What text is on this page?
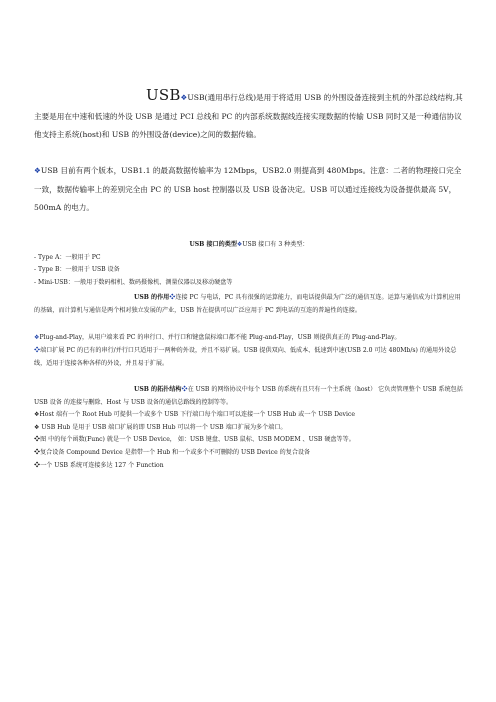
USB❖USB(通用串行总线)是用于将适用 USB 的外围设备连接到主机的外部总线结构,其主要是用在中速和低速的外设 USB 是通过 PCI 总线和 PC 的内部系统数据线连接实现数据的传输 USB 同时又是一种通信协议他支持主系统(host)和 USB 的外围设备(device)之间的数据传输。
❖USB 目前有两个版本，USB1.1 的最高数据传输率为 12Mbps，USB2.0 则提高到 480Mbps。注意：二者的物理接口完全一致，数据传输率上的差别完全由 PC 的 USB host 控制器以及 USB 设备决定。USB 可以通过连接线为设备提供最高 5V，500mA 的电力。
USB 接口的类型❖USB 接口有 3 种类型：
- Type A：一般用于 PC
- Type B：一般用于 USB 设备
- Mini-USB：一般用于数码相机、数码摄像机、测量仪器以及移动硬盘等
USB 的作用❖连接 PC 与电话，PC 具有很强的运算能力，而电话提供最为广泛的通信互连。运算与通信成为计算机应用的基础，而计算机与通信是两个相对独立发展的产业，USB 旨在提供可以广泛应用于 PC 到电话的互连的普遍性的连接。
❖Plug-and-Play，从用户端来看 PC 的串行口、并行口和键盘鼠标端口都不能 Plug-and-Play，USB 则提供真正的 Plug-and-Play。
❖端口扩展 PC 的已有的串行/并行口只适用于一两种的外设，并且不易扩展。USB 提供双向、低成本、低速到中速(USB 2.0 可达 480Mb/s) 的通用外设总线，适用于连接各种各样的外设，并且易于扩展。
USB 的拓扑结构❖在 USB 的网络协议中每个 USB 的系统有且只有一个主系统（host） 它负责管理整个 USB 系统包括 USB 设备 的连接与删除、Host 与 USB 设备的通信总路线的控制等等。
❖Host 端有一个 Root Hub 可提供一个或多个 USB 下行端口每个端口可以连接一个 USB Hub 或一个 USB Device
❖ USB Hub 是用于 USB 端口扩展的即 USB Hub 可以将一个 USB 端口扩展为多个端口。
❖图 中的每个函数(Func) 就是一个 USB Device， 如：USB 键盘、USB 鼠标、USB MODEM 、USB 硬盘等等。
❖复合设备 Compound Device 是指带一个 Hub 和一个或多个不可删除的 USB Device 的复合设备
❖一个 USB 系统可连接多达 127 个 Function
